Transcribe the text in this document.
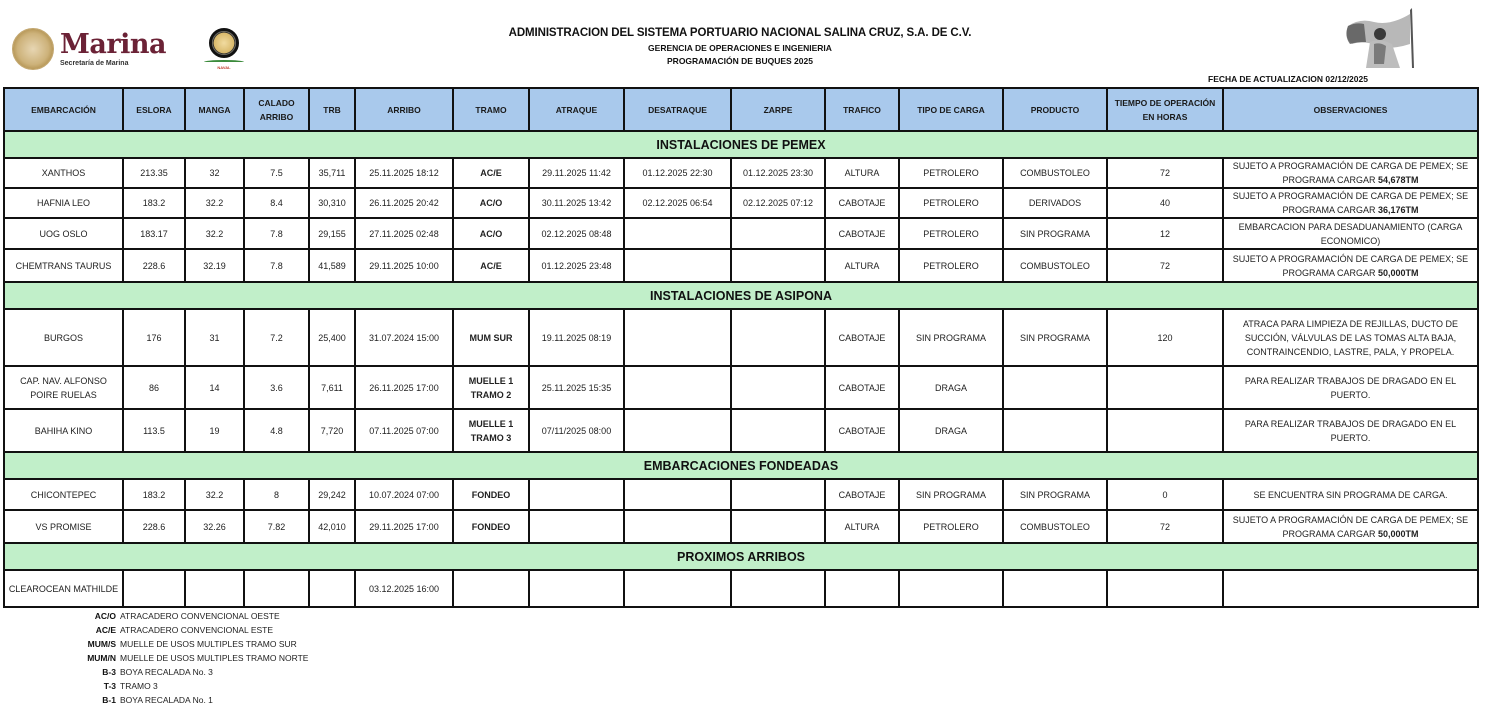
Marina
Secretaría de Marina
NAVAL
ADMINISTRACION DEL SISTEMA PORTUARIO NACIONAL SALINA CRUZ, S.A. DE C.V.
GERENCIA DE OPERACIONES E INGENIERIA
PROGRAMACIÓN DE BUQUES 2025
FECHA DE ACTUALIZACION 02/12/2025
EMBARCACIÓN	ESLORA	MANGA	CALADO ARRIBO	TRB	ARRIBO	TRAMO	ATRAQUE	DESATRAQUE	ZARPE	TRAFICO	TIPO DE CARGA	PRODUCTO	TIEMPO DE OPERACIÓN EN HORAS	OBSERVACIONES
INSTALACIONES DE PEMEX														
XANTHOS	213.35	32	7.5	35,711	25.11.2025 18:12	AC/E	29.11.2025 11:42	01.12.2025 22:30	01.12.2025 23:30	ALTURA	PETROLERO	COMBUSTOLEO	72	SUJETO A PROGRAMACIÓN DE CARGA DE PEMEX; SE PROGRAMA CARGAR 54,678TM
HAFNIA LEO	183.2	32.2	8.4	30,310	26.11.2025 20:42	AC/O	30.11.2025 13:42	02.12.2025 06:54	02.12.2025 07:12	CABOTAJE	PETROLERO	DERIVADOS	40	SUJETO A PROGRAMACIÓN DE CARGA DE PEMEX; SE PROGRAMA CARGAR 36,176TM
UOG OSLO	183.17	32.2	7.8	29,155	27.11.2025 02:48	AC/O	02.12.2025 08:48			CABOTAJE	PETROLERO	SIN PROGRAMA	12	EMBARCACION PARA DESADUANAMIENTO (CARGA ECONOMICO)
CHEMTRANS TAURUS	228.6	32.19	7.8	41,589	29.11.2025 10:00	AC/E	01.12.2025 23:48			ALTURA	PETROLERO	COMBUSTOLEO	72	SUJETO A PROGRAMACIÓN DE CARGA DE PEMEX; SE PROGRAMA CARGAR 50,000TM
INSTALACIONES DE ASIPONA														
BURGOS	176	31	7.2	25,400	31.07.2024 15:00	MUM SUR	19.11.2025 08:19			CABOTAJE	SIN PROGRAMA	SIN PROGRAMA	120	ATRACA PARA LIMPIEZA DE REJILLAS, DUCTO DE SUCCIÓN, VÁLVULAS DE LAS TOMAS ALTA BAJA, CONTRAINCENDIO, LASTRE, PALA, Y PROPELA.
CAP. NAV. ALFONSO POIRE RUELAS	86	14	3.6	7,611	26.11.2025 17:00	MUELLE 1 TRAMO 2	25.11.2025 15:35			CABOTAJE	DRAGA			PARA REALIZAR TRABAJOS DE DRAGADO EN EL PUERTO.
BAHIHA KINO	113.5	19	4.8	7,720	07.11.2025 07:00	MUELLE 1 TRAMO 3	07/11/2025 08:00			CABOTAJE	DRAGA			PARA REALIZAR TRABAJOS DE DRAGADO EN EL PUERTO.
EMBARCACIONES FONDEADAS														
CHICONTEPEC	183.2	32.2	8	29,242	10.07.2024 07:00	FONDEO				CABOTAJE	SIN PROGRAMA	SIN PROGRAMA	0	SE ENCUENTRA SIN PROGRAMA DE CARGA.
VS PROMISE	228.6	32.26	7.82	42,010	29.11.2025 17:00	FONDEO				ALTURA	PETROLERO	COMBUSTOLEO	72	SUJETO A PROGRAMACIÓN DE CARGA DE PEMEX; SE PROGRAMA CARGAR 50,000TM
PROXIMOS ARRIBOS														
CLEAROCEAN MATHILDE					03.12.2025 16:00									
AC/O ATRACADERO CONVENCIONAL OESTE
AC/E ATRACADERO CONVENCIONAL ESTE
MUM/S MUELLE DE USOS MULTIPLES TRAMO SUR
MUM/N MUELLE DE USOS MULTIPLES TRAMO NORTE
B-3 BOYA RECALADA No. 3
T-3 TRAMO 3
B-1 BOYA RECALADA No. 1
